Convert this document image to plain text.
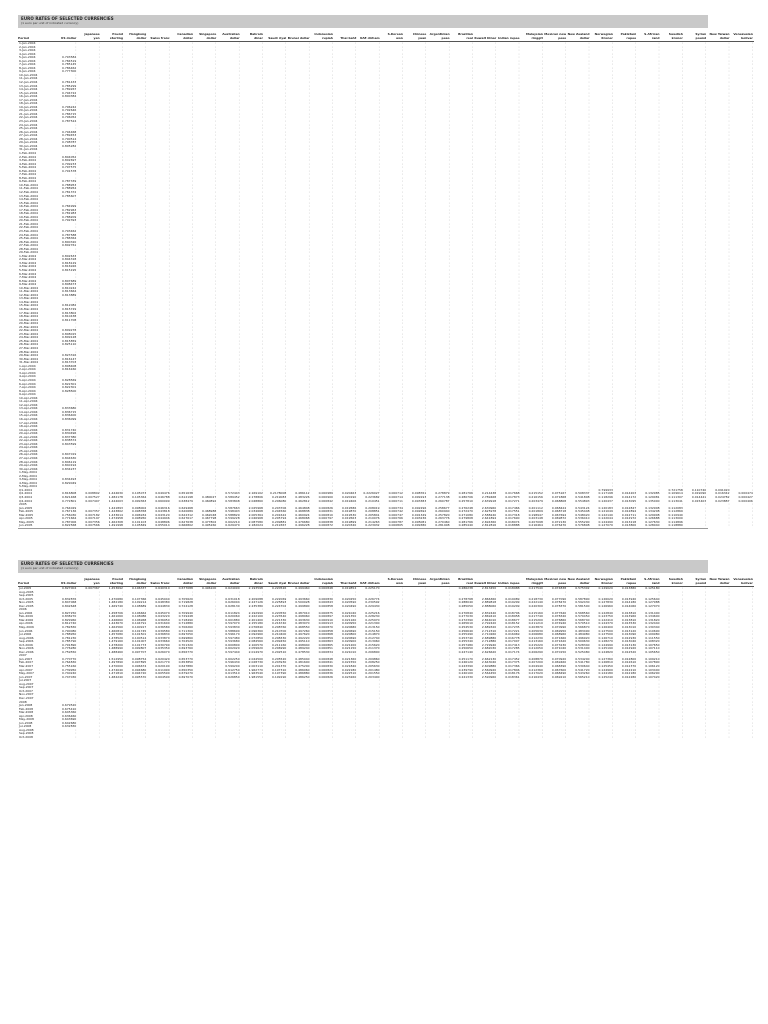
EURO RATES OF SELECTED CURRENCIES
(1 euro per unit of indicated currency)
Period	US dollar	Japanese yen	Pound sterling	Hongkong dollar	Swiss franc	Canadian dollar	Singapore dollar	Australian dollar	Bahrain dinar	Saudi riyal	Brunei dollar	Indonesian rupiah	Thai baht	UAE dirham	S.Korean won	Chinese yuan	Argentinian peso	Brazilian real	Kuwait Dinar	Indian rupee	Malaysian ringgit	Mexican new peso	New Zealand dollar	Norwegian Kroner	Pakistani rupee	S.African rand	Swedish kronor	Syrian pound	New Taiwan dollar	Venezuelan bolivar
1-Jan-2004	:	:	:	:	:	:	:	:	:	:	:	:	:	:	:	:	:	:	:	:	:	:	:	:	:	:	:	:	:	:
2-Jan-2004	:	:	:	:	:	:	:	:	:	:	:	:	:	:	:	:	:	:	:	:	:	:	:	:	:	:	:	:	:	:
3-Jan-2004	:	:	:	:	:	:	:	:	:	:	:	:	:	:	:	:	:	:	:	:	:	:	:	:	:	:	:	:	:	:
4-Jan-2004	:	:	:	:	:	:	:	:	:	:	:	:	:	:	:	:	:	:	:	:	:	:	:	:	:	:	:	:	:	:
5-Jan-2004	0.793584	:	:	:	:	:	:	:	:	:	:	:	:	:	:	:	:	:	:	:	:	:	:	:	:	:	:	:	:	:
6-Jan-2004	0.784519	:	:	:	:	:	:	:	:	:	:	:	:	:	:	:	:	:	:	:	:	:	:	:	:	:	:	:	:	:
7-Jan-2004	0.785145	:	:	:	:	:	:	:	:	:	:	:	:	:	:	:	:	:	:	:	:	:	:	:	:	:	:	:	:	:
8-Jan-2004	0.786462	:	:	:	:	:	:	:	:	:	:	:	:	:	:	:	:	:	:	:	:	:	:	:	:	:	:	:	:	:
9-Jan-2004	0.777300	:	:	:	:	:	:	:	:	:	:	:	:	:	:	:	:	:	:	:	:	:	:	:	:	:	:	:	:	:
10-Jan-2004	:	:	:	:	:	:	:	:	:	:	:	:	:	:	:	:	:	:	:	:	:	:	:	:	:	:	:	:	:	:
11-Jan-2004	:	:	:	:	:	:	:	:	:	:	:	:	:	:	:	:	:	:	:	:	:	:	:	:	:	:	:	:	:	:
12-Jan-2004	0.781433	:	:	:	:	:	:	:	:	:	:	:	:	:	:	:	:	:	:	:	:	:	:	:	:	:	:	:	:	:
13-Jan-2004	0.785299	:	:	:	:	:	:	:	:	:	:	:	:	:	:	:	:	:	:	:	:	:	:	:	:	:	:	:	:	:
14-Jan-2004	0.789267	:	:	:	:	:	:	:	:	:	:	:	:	:	:	:	:	:	:	:	:	:	:	:	:	:	:	:	:	:
15-Jan-2004	0.794722	:	:	:	:	:	:	:	:	:	:	:	:	:	:	:	:	:	:	:	:	:	:	:	:	:	:	:	:	:
16-Jan-2004	0.800384	:	:	:	:	:	:	:	:	:	:	:	:	:	:	:	:	:	:	:	:	:	:	:	:	:	:	:	:	:
17-Jan-2004	:	:	:	:	:	:	:	:	:	:	:	:	:	:	:	:	:	:	:	:	:	:	:	:	:	:	:	:	:	:
18-Jan-2004	:	:	:	:	:	:	:	:	:	:	:	:	:	:	:	:	:	:	:	:	:	:	:	:	:	:	:	:	:	:
19-Jan-2004	0.796242	:	:	:	:	:	:	:	:	:	:	:	:	:	:	:	:	:	:	:	:	:	:	:	:	:	:	:	:	:
20-Jan-2004	0.792646	:	:	:	:	:	:	:	:	:	:	:	:	:	:	:	:	:	:	:	:	:	:	:	:	:	:	:	:	:
21-Jan-2004	0.786715	:	:	:	:	:	:	:	:	:	:	:	:	:	:	:	:	:	:	:	:	:	:	:	:	:	:	:	:	:
22-Jan-2004	0.796052	:	:	:	:	:	:	:	:	:	:	:	:	:	:	:	:	:	:	:	:	:	:	:	:	:	:	:	:	:
23-Jan-2004	0.787524	:	:	:	:	:	:	:	:	:	:	:	:	:	:	:	:	:	:	:	:	:	:	:	:	:	:	:	:	:
24-Jan-2004	:	:	:	:	:	:	:	:	:	:	:	:	:	:	:	:	:	:	:	:	:	:	:	:	:	:	:	:	:	:
25-Jan-2004	:	:	:	:	:	:	:	:	:	:	:	:	:	:	:	:	:	:	:	:	:	:	:	:	:	:	:	:	:	:
26-Jan-2004	0.794468	:	:	:	:	:	:	:	:	:	:	:	:	:	:	:	:	:	:	:	:	:	:	:	:	:	:	:	:	:
27-Jan-2004	0.789453	:	:	:	:	:	:	:	:	:	:	:	:	:	:	:	:	:	:	:	:	:	:	:	:	:	:	:	:	:
28-Jan-2004	0.790514	:	:	:	:	:	:	:	:	:	:	:	:	:	:	:	:	:	:	:	:	:	:	:	:	:	:	:	:	:
29-Jan-2004	0.798787	:	:	:	:	:	:	:	:	:	:	:	:	:	:	:	:	:	:	:	:	:	:	:	:	:	:	:	:	:
30-Jan-2004	0.805282	:	:	:	:	:	:	:	:	:	:	:	:	:	:	:	:	:	:	:	:	:	:	:	:	:	:	:	:	:
31-Jan-2004	:	:	:	:	:	:	:	:	:	:	:	:	:	:	:	:	:	:	:	:	:	:	:	:	:	:	:	:	:	:
1-Feb-2004	:	:	:	:	:	:	:	:	:	:	:	:	:	:	:	:	:	:	:	:	:	:	:	:	:	:	:	:	:	:
2-Feb-2004	0.804052	:	:	:	:	:	:	:	:	:	:	:	:	:	:	:	:	:	:	:	:	:	:	:	:	:	:	:	:	:
3-Feb-2004	0.802697	:	:	:	:	:	:	:	:	:	:	:	:	:	:	:	:	:	:	:	:	:	:	:	:	:	:	:	:	:
4-Feb-2004	0.799233	:	:	:	:	:	:	:	:	:	:	:	:	:	:	:	:	:	:	:	:	:	:	:	:	:	:	:	:	:
5-Feb-2004	0.797575	:	:	:	:	:	:	:	:	:	:	:	:	:	:	:	:	:	:	:	:	:	:	:	:	:	:	:	:	:
6-Feb-2004	0.791578	:	:	:	:	:	:	:	:	:	:	:	:	:	:	:	:	:	:	:	:	:	:	:	:	:	:	:	:	:
7-Feb-2004	:	:	:	:	:	:	:	:	:	:	:	:	:	:	:	:	:	:	:	:	:	:	:	:	:	:	:	:	:	:
8-Feb-2004	:	:	:	:	:	:	:	:	:	:	:	:	:	:	:	:	:	:	:	:	:	:	:	:	:	:	:	:	:	:
9-Feb-2004	0.787339	:	:	:	:	:	:	:	:	:	:	:	:	:	:	:	:	:	:	:	:	:	:	:	:	:	:	:	:	:
10-Feb-2004	0.788953	:	:	:	:	:	:	:	:	:	:	:	:	:	:	:	:	:	:	:	:	:	:	:	:	:	:	:	:	:
11-Feb-2004	0.788954	:	:	:	:	:	:	:	:	:	:	:	:	:	:	:	:	:	:	:	:	:	:	:	:	:	:	:	:	:
12-Feb-2004	0.781372	:	:	:	:	:	:	:	:	:	:	:	:	:	:	:	:	:	:	:	:	:	:	:	:	:	:	:	:	:
13-Feb-2004	0.785607	:	:	:	:	:	:	:	:	:	:	:	:	:	:	:	:	:	:	:	:	:	:	:	:	:	:	:	:	:
14-Feb-2004	:	:	:	:	:	:	:	:	:	:	:	:	:	:	:	:	:	:	:	:	:	:	:	:	:	:	:	:	:	:
15-Feb-2004	:	:	:	:	:	:	:	:	:	:	:	:	:	:	:	:	:	:	:	:	:	:	:	:	:	:	:	:	:	:
16-Feb-2004	0.784999	:	:	:	:	:	:	:	:	:	:	:	:	:	:	:	:	:	:	:	:	:	:	:	:	:	:	:	:	:
17-Feb-2004	0.782963	:	:	:	:	:	:	:	:	:	:	:	:	:	:	:	:	:	:	:	:	:	:	:	:	:	:	:	:	:
18-Feb-2004	0.781983	:	:	:	:	:	:	:	:	:	:	:	:	:	:	:	:	:	:	:	:	:	:	:	:	:	:	:	:	:
19-Feb-2004	0.788209	:	:	:	:	:	:	:	:	:	:	:	:	:	:	:	:	:	:	:	:	:	:	:	:	:	:	:	:	:
20-Feb-2004	0.792393	:	:	:	:	:	:	:	:	:	:	:	:	:	:	:	:	:	:	:	:	:	:	:	:	:	:	:	:	:
21-Feb-2004	:	:	:	:	:	:	:	:	:	:	:	:	:	:	:	:	:	:	:	:	:	:	:	:	:	:	:	:	:	:
22-Feb-2004	:	:	:	:	:	:	:	:	:	:	:	:	:	:	:	:	:	:	:	:	:	:	:	:	:	:	:	:	:	:
23-Feb-2004	0.793462	:	:	:	:	:	:	:	:	:	:	:	:	:	:	:	:	:	:	:	:	:	:	:	:	:	:	:	:	:
24-Feb-2004	0.787588	:	:	:	:	:	:	:	:	:	:	:	:	:	:	:	:	:	:	:	:	:	:	:	:	:	:	:	:	:
25-Feb-2004	0.788364	:	:	:	:	:	:	:	:	:	:	:	:	:	:	:	:	:	:	:	:	:	:	:	:	:	:	:	:	:
26-Feb-2004	0.800320	:	:	:	:	:	:	:	:	:	:	:	:	:	:	:	:	:	:	:	:	:	:	:	:	:	:	:	:	:
27-Feb-2004	0.802761	:	:	:	:	:	:	:	:	:	:	:	:	:	:	:	:	:	:	:	:	:	:	:	:	:	:	:	:	:
28-Feb-2004	:	:	:	:	:	:	:	:	:	:	:	:	:	:	:	:	:	:	:	:	:	:	:	:	:	:	:	:	:	:
29-Feb-2004	:	:	:	:	:	:	:	:	:	:	:	:	:	:	:	:	:	:	:	:	:	:	:	:	:	:	:	:	:	:
1-Mar-2004	0.802633	:	:	:	:	:	:	:	:	:	:	:	:	:	:	:	:	:	:	:	:	:	:	:	:	:	:	:	:	:
2-Mar-2004	0.804318	:	:	:	:	:	:	:	:	:	:	:	:	:	:	:	:	:	:	:	:	:	:	:	:	:	:	:	:	:
3-Mar-2004	0.818129	:	:	:	:	:	:	:	:	:	:	:	:	:	:	:	:	:	:	:	:	:	:	:	:	:	:	:	:	:
4-Mar-2004	0.816926	:	:	:	:	:	:	:	:	:	:	:	:	:	:	:	:	:	:	:	:	:	:	:	:	:	:	:	:	:
5-Mar-2004	0.815195	:	:	:	:	:	:	:	:	:	:	:	:	:	:	:	:	:	:	:	:	:	:	:	:	:	:	:	:	:
6-Mar-2004	:	:	:	:	:	:	:	:	:	:	:	:	:	:	:	:	:	:	:	:	:	:	:	:	:	:	:	:	:	:
7-Mar-2004	:	:	:	:	:	:	:	:	:	:	:	:	:	:	:	:	:	:	:	:	:	:	:	:	:	:	:	:	:	:
8-Mar-2004	0.807689	:	:	:	:	:	:	:	:	:	:	:	:	:	:	:	:	:	:	:	:	:	:	:	:	:	:	:	:	:
9-Mar-2004	0.808473	:	:	:	:	:	:	:	:	:	:	:	:	:	:	:	:	:	:	:	:	:	:	:	:	:	:	:	:	:
10-Mar-2004	0.810242	:	:	:	:	:	:	:	:	:	:	:	:	:	:	:	:	:	:	:	:	:	:	:	:	:	:	:	:	:
11-Mar-2004	0.813664	:	:	:	:	:	:	:	:	:	:	:	:	:	:	:	:	:	:	:	:	:	:	:	:	:	:	:	:	:
12-Mar-2004	0.813889	:	:	:	:	:	:	:	:	:	:	:	:	:	:	:	:	:	:	:	:	:	:	:	:	:	:	:	:	:
13-Mar-2004	:	:	:	:	:	:	:	:	:	:	:	:	:	:	:	:	:	:	:	:	:	:	:	:	:	:	:	:	:	:
14-Mar-2004	:	:	:	:	:	:	:	:	:	:	:	:	:	:	:	:	:	:	:	:	:	:	:	:	:	:	:	:	:	:
15-Mar-2004	0.812082	:	:	:	:	:	:	:	:	:	:	:	:	:	:	:	:	:	:	:	:	:	:	:	:	:	:	:	:	:
16-Mar-2004	0.815729	:	:	:	:	:	:	:	:	:	:	:	:	:	:	:	:	:	:	:	:	:	:	:	:	:	:	:	:	:
17-Mar-2004	0.813802	:	:	:	:	:	:	:	:	:	:	:	:	:	:	:	:	:	:	:	:	:	:	:	:	:	:	:	:	:
18-Mar-2004	0.810438	:	:	:	:	:	:	:	:	:	:	:	:	:	:	:	:	:	:	:	:	:	:	:	:	:	:	:	:	:
19-Mar-2004	0.811708	:	:	:	:	:	:	:	:	:	:	:	:	:	:	:	:	:	:	:	:	:	:	:	:	:	:	:	:	:
20-Mar-2004	:	:	:	:	:	:	:	:	:	:	:	:	:	:	:	:	:	:	:	:	:	:	:	:	:	:	:	:	:	:
21-Mar-2004	:	:	:	:	:	:	:	:	:	:	:	:	:	:	:	:	:	:	:	:	:	:	:	:	:	:	:	:	:	:
22-Mar-2004	0.809278	:	:	:	:	:	:	:	:	:	:	:	:	:	:	:	:	:	:	:	:	:	:	:	:	:	:	:	:	:
23-Mar-2004	0.808015	:	:	:	:	:	:	:	:	:	:	:	:	:	:	:	:	:	:	:	:	:	:	:	:	:	:	:	:	:
24-Mar-2004	0.809128	:	:	:	:	:	:	:	:	:	:	:	:	:	:	:	:	:	:	:	:	:	:	:	:	:	:	:	:	:
25-Mar-2004	0.815859	:	:	:	:	:	:	:	:	:	:	:	:	:	:	:	:	:	:	:	:	:	:	:	:	:	:	:	:	:
26-Mar-2004	0.825110	:	:	:	:	:	:	:	:	:	:	:	:	:	:	:	:	:	:	:	:	:	:	:	:	:	:	:	:	:
27-Mar-2004	:	:	:	:	:	:	:	:	:	:	:	:	:	:	:	:	:	:	:	:	:	:	:	:	:	:	:	:	:	:
28-Mar-2004	:	:	:	:	:	:	:	:	:	:	:	:	:	:	:	:	:	:	:	:	:	:	:	:	:	:	:	:	:	:
29-Mar-2004	0.823316	:	:	:	:	:	:	:	:	:	:	:	:	:	:	:	:	:	:	:	:	:	:	:	:	:	:	:	:	:
30-Mar-2004	0.816147	:	:	:	:	:	:	:	:	:	:	:	:	:	:	:	:	:	:	:	:	:	:	:	:	:	:	:	:	:
31-Mar-2004	0.813703	:	:	:	:	:	:	:	:	:	:	:	:	:	:	:	:	:	:	:	:	:	:	:	:	:	:	:	:	:
1-Apr-2004	0.808408	:	:	:	:	:	:	:	:	:	:	:	:	:	:	:	:	:	:	:	:	:	:	:	:	:	:	:	:	:
2-Apr-2004	0.816160	:	:	:	:	:	:	:	:	:	:	:	:	:	:	:	:	:	:	:	:	:	:	:	:	:	:	:	:	:
3-Apr-2004	:	:	:	:	:	:	:	:	:	:	:	:	:	:	:	:	:	:	:	:	:	:	:	:	:	:	:	:	:	:
4-Apr-2004	:	:	:	:	:	:	:	:	:	:	:	:	:	:	:	:	:	:	:	:	:	:	:	:	:	:	:	:	:	:
5-Apr-2004	0.828569	:	:	:	:	:	:	:	:	:	:	:	:	:	:	:	:	:	:	:	:	:	:	:	:	:	:	:	:	:
6-Apr-2004	0.822301	:	:	:	:	:	:	:	:	:	:	:	:	:	:	:	:	:	:	:	:	:	:	:	:	:	:	:	:	:
7-Apr-2004	0.822301	:	:	:	:	:	:	:	:	:	:	:	:	:	:	:	:	:	:	:	:	:	:	:	:	:	:	:	:	:
8-Apr-2004	0.828500	:	:	:	:	:	:	:	:	:	:	:	:	:	:	:	:	:	:	:	:	:	:	:	:	:	:	:	:	:
9-Apr-2004	:	:	:	:	:	:	:	:	:	:	:	:	:	:	:	:	:	:	:	:	:	:	:	:	:	:	:	:	:	:
10-Apr-2004	:	:	:	:	:	:	:	:	:	:	:	:	:	:	:	:	:	:	:	:	:	:	:	:	:	:	:	:	:	:
11-Apr-2004	:	:	:	:	:	:	:	:	:	:	:	:	:	:	:	:	:	:	:	:	:	:	:	:	:	:	:	:	:	:
12-Apr-2004	:	:	:	:	:	:	:	:	:	:	:	:	:	:	:	:	:	:	:	:	:	:	:	:	:	:	:	:	:	:
13-Apr-2004	0.833680	:	:	:	:	:	:	:	:	:	:	:	:	:	:	:	:	:	:	:	:	:	:	:	:	:	:	:	:	:
14-Apr-2004	0.836715	:	:	:	:	:	:	:	:	:	:	:	:	:	:	:	:	:	:	:	:	:	:	:	:	:	:	:	:	:
15-Apr-2004	0.836400	:	:	:	:	:	:	:	:	:	:	:	:	:	:	:	:	:	:	:	:	:	:	:	:	:	:	:	:	:
16-Apr-2004	0.836099	:	:	:	:	:	:	:	:	:	:	:	:	:	:	:	:	:	:	:	:	:	:	:	:	:	:	:	:	:
17-Apr-2004	:	:	:	:	:	:	:	:	:	:	:	:	:	:	:	:	:	:	:	:	:	:	:	:	:	:	:	:	:	:
18-Apr-2004	:	:	:	:	:	:	:	:	:	:	:	:	:	:	:	:	:	:	:	:	:	:	:	:	:	:	:	:	:	:
19-Apr-2004	0.831740	:	:	:	:	:	:	:	:	:	:	:	:	:	:	:	:	:	:	:	:	:	:	:	:	:	:	:	:	:
20-Apr-2004	0.830496	:	:	:	:	:	:	:	:	:	:	:	:	:	:	:	:	:	:	:	:	:	:	:	:	:	:	:	:	:
21-Apr-2004	0.837380	:	:	:	:	:	:	:	:	:	:	:	:	:	:	:	:	:	:	:	:	:	:	:	:	:	:	:	:	:
22-Apr-2004	0.838574	:	:	:	:	:	:	:	:	:	:	:	:	:	:	:	:	:	:	:	:	:	:	:	:	:	:	:	:	:
23-Apr-2004	0.843599	:	:	:	:	:	:	:	:	:	:	:	:	:	:	:	:	:	:	:	:	:	:	:	:	:	:	:	:	:
24-Apr-2004	:	:	:	:	:	:	:	:	:	:	:	:	:	:	:	:	:	:	:	:	:	:	:	:	:	:	:	:	:	:
25-Apr-2004	:	:	:	:	:	:	:	:	:	:	:	:	:	:	:	:	:	:	:	:	:	:	:	:	:	:	:	:	:	:
26-Apr-2004	0.847019	:	:	:	:	:	:	:	:	:	:	:	:	:	:	:	:	:	:	:	:	:	:	:	:	:	:	:	:	:
27-Apr-2004	0.844630	:	:	:	:	:	:	:	:	:	:	:	:	:	:	:	:	:	:	:	:	:	:	:	:	:	:	:	:	:
28-Apr-2004	0.846119	:	:	:	:	:	:	:	:	:	:	:	:	:	:	:	:	:	:	:	:	:	:	:	:	:	:	:	:	:
29-Apr-2004	0.840194	:	:	:	:	:	:	:	:	:	:	:	:	:	:	:	:	:	:	:	:	:	:	:	:	:	:	:	:	:
30-Apr-2004	0.834237	:	:	:	:	:	:	:	:	:	:	:	:	:	:	:	:	:	:	:	:	:	:	:	:	:	:	:	:	:
1-May-2004	:	:	:	:	:	:	:	:	:	:	:	:	:	:	:	:	:	:	:	:	:	:	:	:	:	:	:	:	:	:
2-May-2004	:	:	:	:	:	:	:	:	:	:	:	:	:	:	:	:	:	:	:	:	:	:	:	:	:	:	:	:	:	:
3-May-2004	0.834493	:	:	:	:	:	:	:	:	:	:	:	:	:	:	:	:	:	:	:	:	:	:	:	:	:	:	:	:	:
4-May-2004	0.829049	:	:	:	:	:	:	:	:	:	:	:	:	:	:	:	:	:	:	:	:	:	:	:	:	:	:	:	:	:
5-May-2004	:	:	:	:	:	:	:	:	:	:	:	:	:	:	:	:	:	:	:	:	:	:	:	:	:	:	:	:	:	:
Q1-2004	:	:	:	:	:	:	:	:	:	:	:	:	:	:	:	:	:	:	:	:	:	:	:	0.799933	:	:	0.721758	0.110740	0.091020	:
Q2-2004	0.816808	0.008802	1.444630	0.105073	0.649476	0.651638	:	0.572443	2.169102	0.2178008	0.486112	0.000989	0.020463	0.2226027	0.000712	0.098761	0.278879	0.281766	0.214438	0.017668	0.215152	0.075167	0.508337	0.117198	0.014203	0.132985	0.109614	0.019090	0.016342	0.000474
Q3-2004	0.821468	0.007527	1.482178	0.105364	0.646788	0.612198	0.480027	0.589452	2.178806	0.219083	0.483226	0.000900	0.020190	0.223682	0.000714	0.099193	0.277138	0.280706	2.789468	0.017873	0.216156	0.071868	0.541808	0.118296	0.014172	0.129081	0.111307	0.014441	0.024782	0.000427
Q4-2004	0.772801	0.007407	1.444003	0.099363	0.660099	0.638479	0.460892	0.583848	2.048860	0.206080	0.462812	0.000842	0.019406	0.210451	0.000711	0.093383	0.260787	0.257810	2.639918	0.017271	0.203479	0.068808	0.554893	0.120437	0.013095	0.135000	0.113041	0.015403	0.023887	0.000406
2005	:	:	:	:	:	:	:	:	:	:	:	:	:	:	:	:	:	:	:	:	:	:	:	:	:	:	:	:	:	:
Jan-2005	0.764029	:	1.441893	0.098002	0.646316	0.629468	:	0.587663	2.025968	0.203706	0.464848	0.000826	0.019586	0.208019	0.000734	0.092296	0.258677	0.276248	2.630960	0.017466	0.201112	0.068424	0.543124	0.120183	0.012847	0.132908	0.112083	:	:	:
Feb-2005	0.767136	0.007357	1.443802	0.098358	0.643818	0.620689	0.468988	0.598403	2.034668	0.204560	0.468838	0.000831	0.019870	0.208851	0.000742	0.092692	0.260940	0.272470	2.625978	0.017551	0.201809	0.068718	0.545448	0.121049	0.012894	0.134208	0.112869	:	:	:
Mar-2005	0.756030	0.007182	1.433614	0.096934	0.643120	0.622312	0.462048	0.588829	2.005364	0.201622	0.460924	0.000810	0.019530	0.205841	0.000747	0.091349	0.257820	0.271080	2.588240	0.017318	0.198947	0.067694	0.548420	0.122140	0.012711	0.129908	0.110940	:	:	:
Apr-2005	0.771664	0.007197	1.474958	0.098950	0.644946	0.627617	0.467798	0.599228	2.046968	0.205794	0.468068	0.000797	0.019563	0.210076	0.000766	0.093236	0.263776	0.279808	2.641894	0.017690	0.203148	0.069872	0.536410	0.122044	0.012972	0.126688	0.113000	:	:	:
May-2005	0.787006	0.007356	1.462308	0.101103	0.648896	0.627638	0.477802	0.602210	2.087580	0.209881	0.476680	0.000838	0.019899	0.214263	0.000787	0.095081	0.270460	0.281766	2.694360	0.018074	0.207098	0.072130	0.555290	0.124490	0.013218	0.127630	0.114896	:	:	:
Jun-2005	0.822568	0.007566	1.491998	0.105849	0.655014	0.666802	0.495260	0.629470	2.182024	0.219367	0.496228	0.000872	0.020340	0.223932	0.000805	0.099380	0.281908	0.285440	2.812816	0.018888	0.216464	0.076470	0.576808	0.127070	0.013800	0.128040	0.118880	:	:	:
EURO RATES OF SELECTED CURRENCIES
(1 euro per unit of indicated currency)
Period	US dollar	Japanese yen	Pound sterling	Hongkong dollar	Swiss franc	Canadian dollar	Singapore dollar	Australian dollar	Bahrain dinar	Saudi riyal	Brunei dollar	Indonesian rupiah	Thai baht	UAE dirham	S.Korean won	Chinese yuan	Argentinian peso	Brazilian real	Kuwait Dinar	Indian rupee	Malaysian ringgit	Mexican new peso	New Zealand dollar	Norwegian Kroner	Pakistani rupee	S.African rand	Swedish kronor	Syrian pound	New Taiwan dollar	Venezuelan bolivar
Jul-2005	0.827004	0.007367	1.453692	0.106337	0.640310	0.677088	0.496100	0.624090	2.193598	0.220526	0.499460	0.000848	0.019854	0.225170	:	:	:	0.286238	2.813450	0.018988	0.217540	0.074838	0.575302	0.129020	0.013880	0.125180	:	:	:	:
Aug-2005	:	:	:	:	:	:	:	:	:	:	:	:	:	:	:	:	:	:	:	:	:	:	:	:	:	:	:	:	:	:
Sep-2005	:	:	:	:	:	:	:	:	:	:	:	:	:	:	:	:	:	:	:	:	:	:	:	:	:	:	:	:	:	:
Oct-2005	0.832876	:	1.470680	0.107366	0.645040	0.705620	:	0.631018	2.209088	0.222069	0.493660	0.000830	0.020250	0.226774	:	:	:	0.278768	2.866360	0.019089	0.218730	0.077090	0.587890	0.126020	0.013940	0.125640	:	:	:	:
Nov-2005	0.847068	:	1.482180	0.109214	0.648380	0.719828	:	0.626004	2.247126	0.225893	0.500028	0.000843	0.020590	0.230592	:	:	:	0.288040	2.889818	0.019299	0.222140	0.078470	0.592430	0.127830	0.014180	0.127988	:	:	:	:
Dec-2005	0.842648	:	1.469740	0.108689	0.644830	0.724128	:	0.628130	2.235380	0.224702	0.499890	0.000858	0.020490	0.229430	:	:	:	0.285050	2.888060	0.019209	0.220300	0.078370	0.581500	0.126960	0.014060	0.127070	:	:	:	:
2006	:	:	:	:	:	:	:	:	:	:	:	:	:	:	:	:	:	:	:	:	:	:	:	:	:	:	:	:	:	:
Jan-2006	0.827250	:	1.458706	0.106662	0.645070	0.709940	:	0.611824	2.192990	0.220550	0.487010	0.000875	0.021040	0.225216	:	:	:	0.270840	2.832440	0.018706	0.215160	0.077640	0.568560	0.122840	0.013810	0.131400	:	:	:	:
Feb-2006	0.838270	:	1.461060	0.108086	0.643220	0.729448	:	0.620060	2.222100	0.223540	0.498960	0.000897	0.021350	0.228230	:	:	:	0.277030	2.869410	0.018958	0.217740	0.078340	0.570450	0.123750	0.013960	0.134600	:	:	:	:
Mar-2006	0.829960	:	1.446660	0.106968	0.636950	0.718490	:	0.601880	2.201400	0.221330	0.493630	0.000910	0.021160	0.225970	:	:	:	0.272390	2.844010	0.018677	0.215200	0.076860	0.568740	0.122410	0.013810	0.131820	:	:	:	:
Apr-2006	0.812740	:	1.443670	0.104791	0.631600	0.712880	:	0.597070	2.155180	0.216740	0.483070	0.000913	0.020950	0.221300	:	:	:	0.265610	2.792420	0.018152	0.211210	0.074940	0.570510	0.124370	0.013530	0.132440	:	:	:	:
May-2006	0.782830	:	1.462560	0.100917	0.636580	0.706260	:	0.593830	2.076840	0.208760	0.468550	0.000870	0.020680	0.213150	:	:	:	0.254530	2.689320	0.017235	0.203870	0.070990	0.566870	0.126400	0.013010	0.130340	:	:	:	:
Jun-2006	0.790080	:	1.460810	0.101745	0.639580	0.711300	:	0.588690	2.096360	0.210700	0.497260	0.000858	0.020690	0.215150	:	:	:	0.256640	2.712310	0.017221	0.205630	0.069950	0.483490	0.127500	0.013120	0.110690	:	:	:	:
Jul-2006	0.788950	:	1.457080	0.101501	0.636830	0.697050	:	0.596170	2.092960	0.210400	0.497620	0.000868	0.020800	0.214870	:	:	:	0.255490	2.710260	0.016969	0.206680	0.068960	0.484980	0.127500	0.013090	0.109980	:	:	:	:
Aug-2006	0.781230	:	1.478520	0.100514	0.633870	0.699860	:	0.597480	2.072850	0.208330	0.492220	0.000859	0.020690	0.212740	:	:	:	0.253740	2.689880	0.016778	0.212230	0.071660	0.496920	0.126710	0.012930	0.111550	:	:	:	:
Sep-2006	0.785790	:	1.479160	0.101007	0.633660	0.704520	:	0.593680	2.084560	0.209450	0.495110	0.000863	0.020900	0.213960	:	:	:	0.255340	2.712880	0.017007	0.213160	0.071620	0.509630	0.128270	0.013040	0.108320	:	:	:	:
Oct-2006	0.791890	:	1.478200	0.101773	0.630790	0.701320	:	0.600800	2.100570	0.211160	0.498940	0.000865	0.021200	0.215620	:	:	:	0.257480	2.729940	0.017413	0.215220	0.073230	0.528340	0.124990	0.013130	0.107650	:	:	:	:
Nov-2006	0.776280	:	1.488990	0.099807	0.635350	0.693760	:	0.602020	2.059620	0.206990	0.489240	0.000851	0.021150	0.211370	:	:	:	0.250650	2.682030	0.017285	0.212050	0.071040	0.531400	0.125190	0.012920	0.107110	:	:	:	:
Dec-2006	0.759550	:	1.488460	0.097707	0.626070	0.656770	:	0.597440	2.014970	0.202510	0.478530	0.000834	0.021010	0.206800	:	:	:	0.247140	2.626620	0.017174	0.206290	0.070150	0.525480	0.124820	0.012520	0.105650	:	:	:	:
2007	:	:	:	:	:	:	:	:	:	:	:	:	:	:	:	:	:	:	:	:	:	:	:	:	:	:	:	:	:	:
Jan-2007	0.770770	:	1.512950	0.098754	0.620420	0.653770	:	0.602250	2.044500	0.205520	0.485040	0.000848	0.021360	0.209860	:	:	:	0.251170	2.662130	0.017452	0.208870	0.070920	0.534200	0.127360	0.012800	0.109210	:	:	:	:
Feb-2007	0.764830	:	1.497890	0.097895	0.621770	0.653850	:	0.596430	2.028730	0.203930	0.481600	0.000841	0.021550	0.208250	:	:	:	0.246120	2.643040	0.017375	0.207200	0.069460	0.541780	0.126810	0.012610	0.107890	:	:	:	:
Mar-2007	0.755160	:	1.470000	0.096674	0.620190	0.647880	:	0.599200	2.003110	0.201370	0.475200	0.000830	0.021840	0.205630	:	:	:	0.243390	2.609880	0.017366	0.204940	0.068390	0.530640	0.125450	0.012370	0.106120	:	:	:	:
Apr-2007	0.739950	:	1.474040	0.094680	0.611990	0.650350	:	0.612750	1.962770	0.197310	0.486060	0.000821	0.022180	0.201480	:	:	:	0.239790	2.560920	0.017846	0.212360	0.067600	0.541720	0.124900	0.012210	0.103400	:	:	:	:
May-2007	0.740240	:	1.471810	0.094720	0.605590	0.679270	:	0.613510	1.963540	0.197390	0.486880	0.000836	0.022510	0.201550	:	:	:	0.240100	2.564450	0.018176	0.217020	0.068490	0.543260	0.124180	0.012180	0.106290	:	:	:	:
Jun-2007	0.747030	:	1.484240	0.095570	0.604590	0.697070	:	0.626850	1.981550	0.199190	0.486250	0.000826	0.023260	0.203400	:	:	:	0.241330	2.590960	0.018361	0.216430	0.069210	0.565210	0.125240	0.012280	0.107420	:	:	:	:
Jul-2007	:	:	:	:	:	:	:	:	:	:	:	:	:	:	:	:	:	:	:	:	:	:	:	:	:	:	:	:	:	:
Aug-2007	:	:	:	:	:	:	:	:	:	:	:	:	:	:	:	:	:	:	:	:	:	:	:	:	:	:	:	:	:	:
Sep-2007	:	:	:	:	:	:	:	:	:	:	:	:	:	:	:	:	:	:	:	:	:	:	:	:	:	:	:	:	:	:
Oct-2007	:	:	:	:	:	:	:	:	:	:	:	:	:	:	:	:	:	:	:	:	:	:	:	:	:	:	:	:	:	:
Nov-2007	:	:	:	:	:	:	:	:	:	:	:	:	:	:	:	:	:	:	:	:	:	:	:	:	:	:	:	:	:	:
Dec-2007	:	:	:	:	:	:	:	:	:	:	:	:	:	:	:	:	:	:	:	:	:	:	:	:	:	:	:	:	:	:
2008	:	:	:	:	:	:	:	:	:	:	:	:	:	:	:	:	:	:	:	:	:	:	:	:	:	:	:	:	:	:
Jan-2008	0.679520	:	:	:	:	:	:	:	:	:	:	:	:	:	:	:	:	:	:	:	:	:	:	:	:	:	:	:	:	:
Feb-2008	0.675410	:	:	:	:	:	:	:	:	:	:	:	:	:	:	:	:	:	:	:	:	:	:	:	:	:	:	:	:	:
Mar-2008	0.645360	:	:	:	:	:	:	:	:	:	:	:	:	:	:	:	:	:	:	:	:	:	:	:	:	:	:	:	:	:
Apr-2008	0.636460	:	:	:	:	:	:	:	:	:	:	:	:	:	:	:	:	:	:	:	:	:	:	:	:	:	:	:	:	:
May-2008	0.643690	:	:	:	:	:	:	:	:	:	:	:	:	:	:	:	:	:	:	:	:	:	:	:	:	:	:	:	:	:
Jun-2008	0.642680	:	:	:	:	:	:	:	:	:	:	:	:	:	:	:	:	:	:	:	:	:	:	:	:	:	:	:	:	:
Jul-2008	0.632830	:	:	:	:	:	:	:	:	:	:	:	:	:	:	:	:	:	:	:	:	:	:	:	:	:	:	:	:	:
Aug-2008	:	:	:	:	:	:	:	:	:	:	:	:	:	:	:	:	:	:	:	:	:	:	:	:	:	:	:	:	:	:
Sep-2008	:	:	:	:	:	:	:	:	:	:	:	:	:	:	:	:	:	:	:	:	:	:	:	:	:	:	:	:	:	:
Oct-2008	:	:	:	:	:	:	:	:	:	:	:	:	:	:	:	:	:	:	:	:	:	:	:	:	:	:	:	:	:	:
